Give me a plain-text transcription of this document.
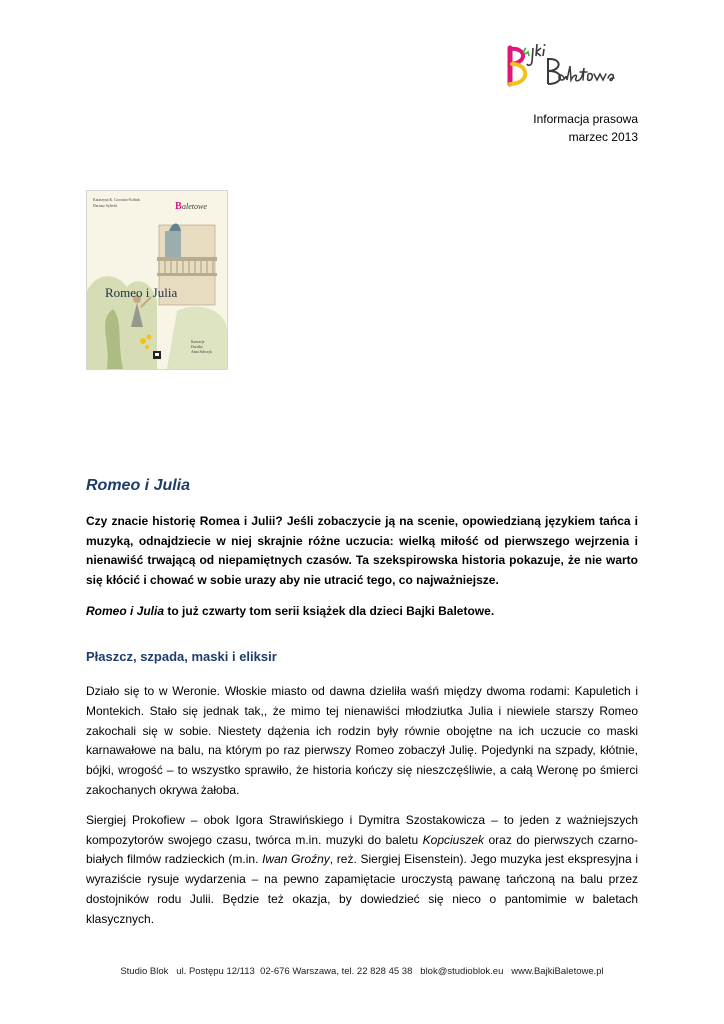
Informacja prasowa
marzec 2013
B aletowe
Katarzyna K. Gowsino-Kołtuk
Dariusz Sylecki
Romeo i Julia
Ilustracje
Dorothy
Anna Sobczyk
Romeo i Julia

Czy znacie historię Romea i Julii? Jeśli zobaczycie ją na scenie, opowiedzianą językiem tańca i muzyką, odnajdziecie w niej skrajnie różne uczucia: wielką miłość od pierwszego wejrzenia i nienawiść trwającą od niepamiętnych czasów. Ta szekspirowska historia pokazuje, że nie warto się kłócić i chować w sobie urazy aby nie utracić tego, co najważniejsze.

Romeo i Julia to już czwarty tom serii książek dla dzieci Bajki Baletowe.

Płaszcz, szpada, maski i eliksir

Działo się to w Weronie. Włoskie miasto od dawna dzieliła waśń między dwoma rodami: Kapuletich i Montekich. Stało się jednak tak,, że mimo tej nienawiści młodziutka Julia i niewiele starszy Romeo zakochali się w sobie. Niestety dążenia ich rodzin były równie obojętne na ich uczucie co maski karnawałowe na balu, na którym po raz pierwszy Romeo zobaczył Julię. Pojedynki na szpady, kłótnie, bójki, wrogość – to wszystko sprawiło, że historia kończy się nieszczęśliwie, a całą Weronę po śmierci zakochanych okrywa żałoba.

Siergiej Prokofiew – obok Igora Strawińskiego i Dymitra Szostakowicza – to jeden z ważniejszych kompozytorów swojego czasu, twórca m.in. muzyki do baletu Kopciuszek oraz do pierwszych czarno-białych filmów radzieckich (m.in. Iwan Groźny, reż. Siergiej Eisenstein). Jego muzyka jest ekspresyjna i wyraziście rysuje wydarzenia – na pewno zapamiętacie uroczystą pawanę tańczoną na balu przez dostojników rodu Julii. Będzie też okazja, by dowiedzieć się nieco o pantomimie w baletach klasycznych.

Studio Blok   ul. Postępu 12/113  02-676 Warszawa, tel. 22 828 45 38   blok@studioblok.eu   www.BajkiBaletowe.pl
